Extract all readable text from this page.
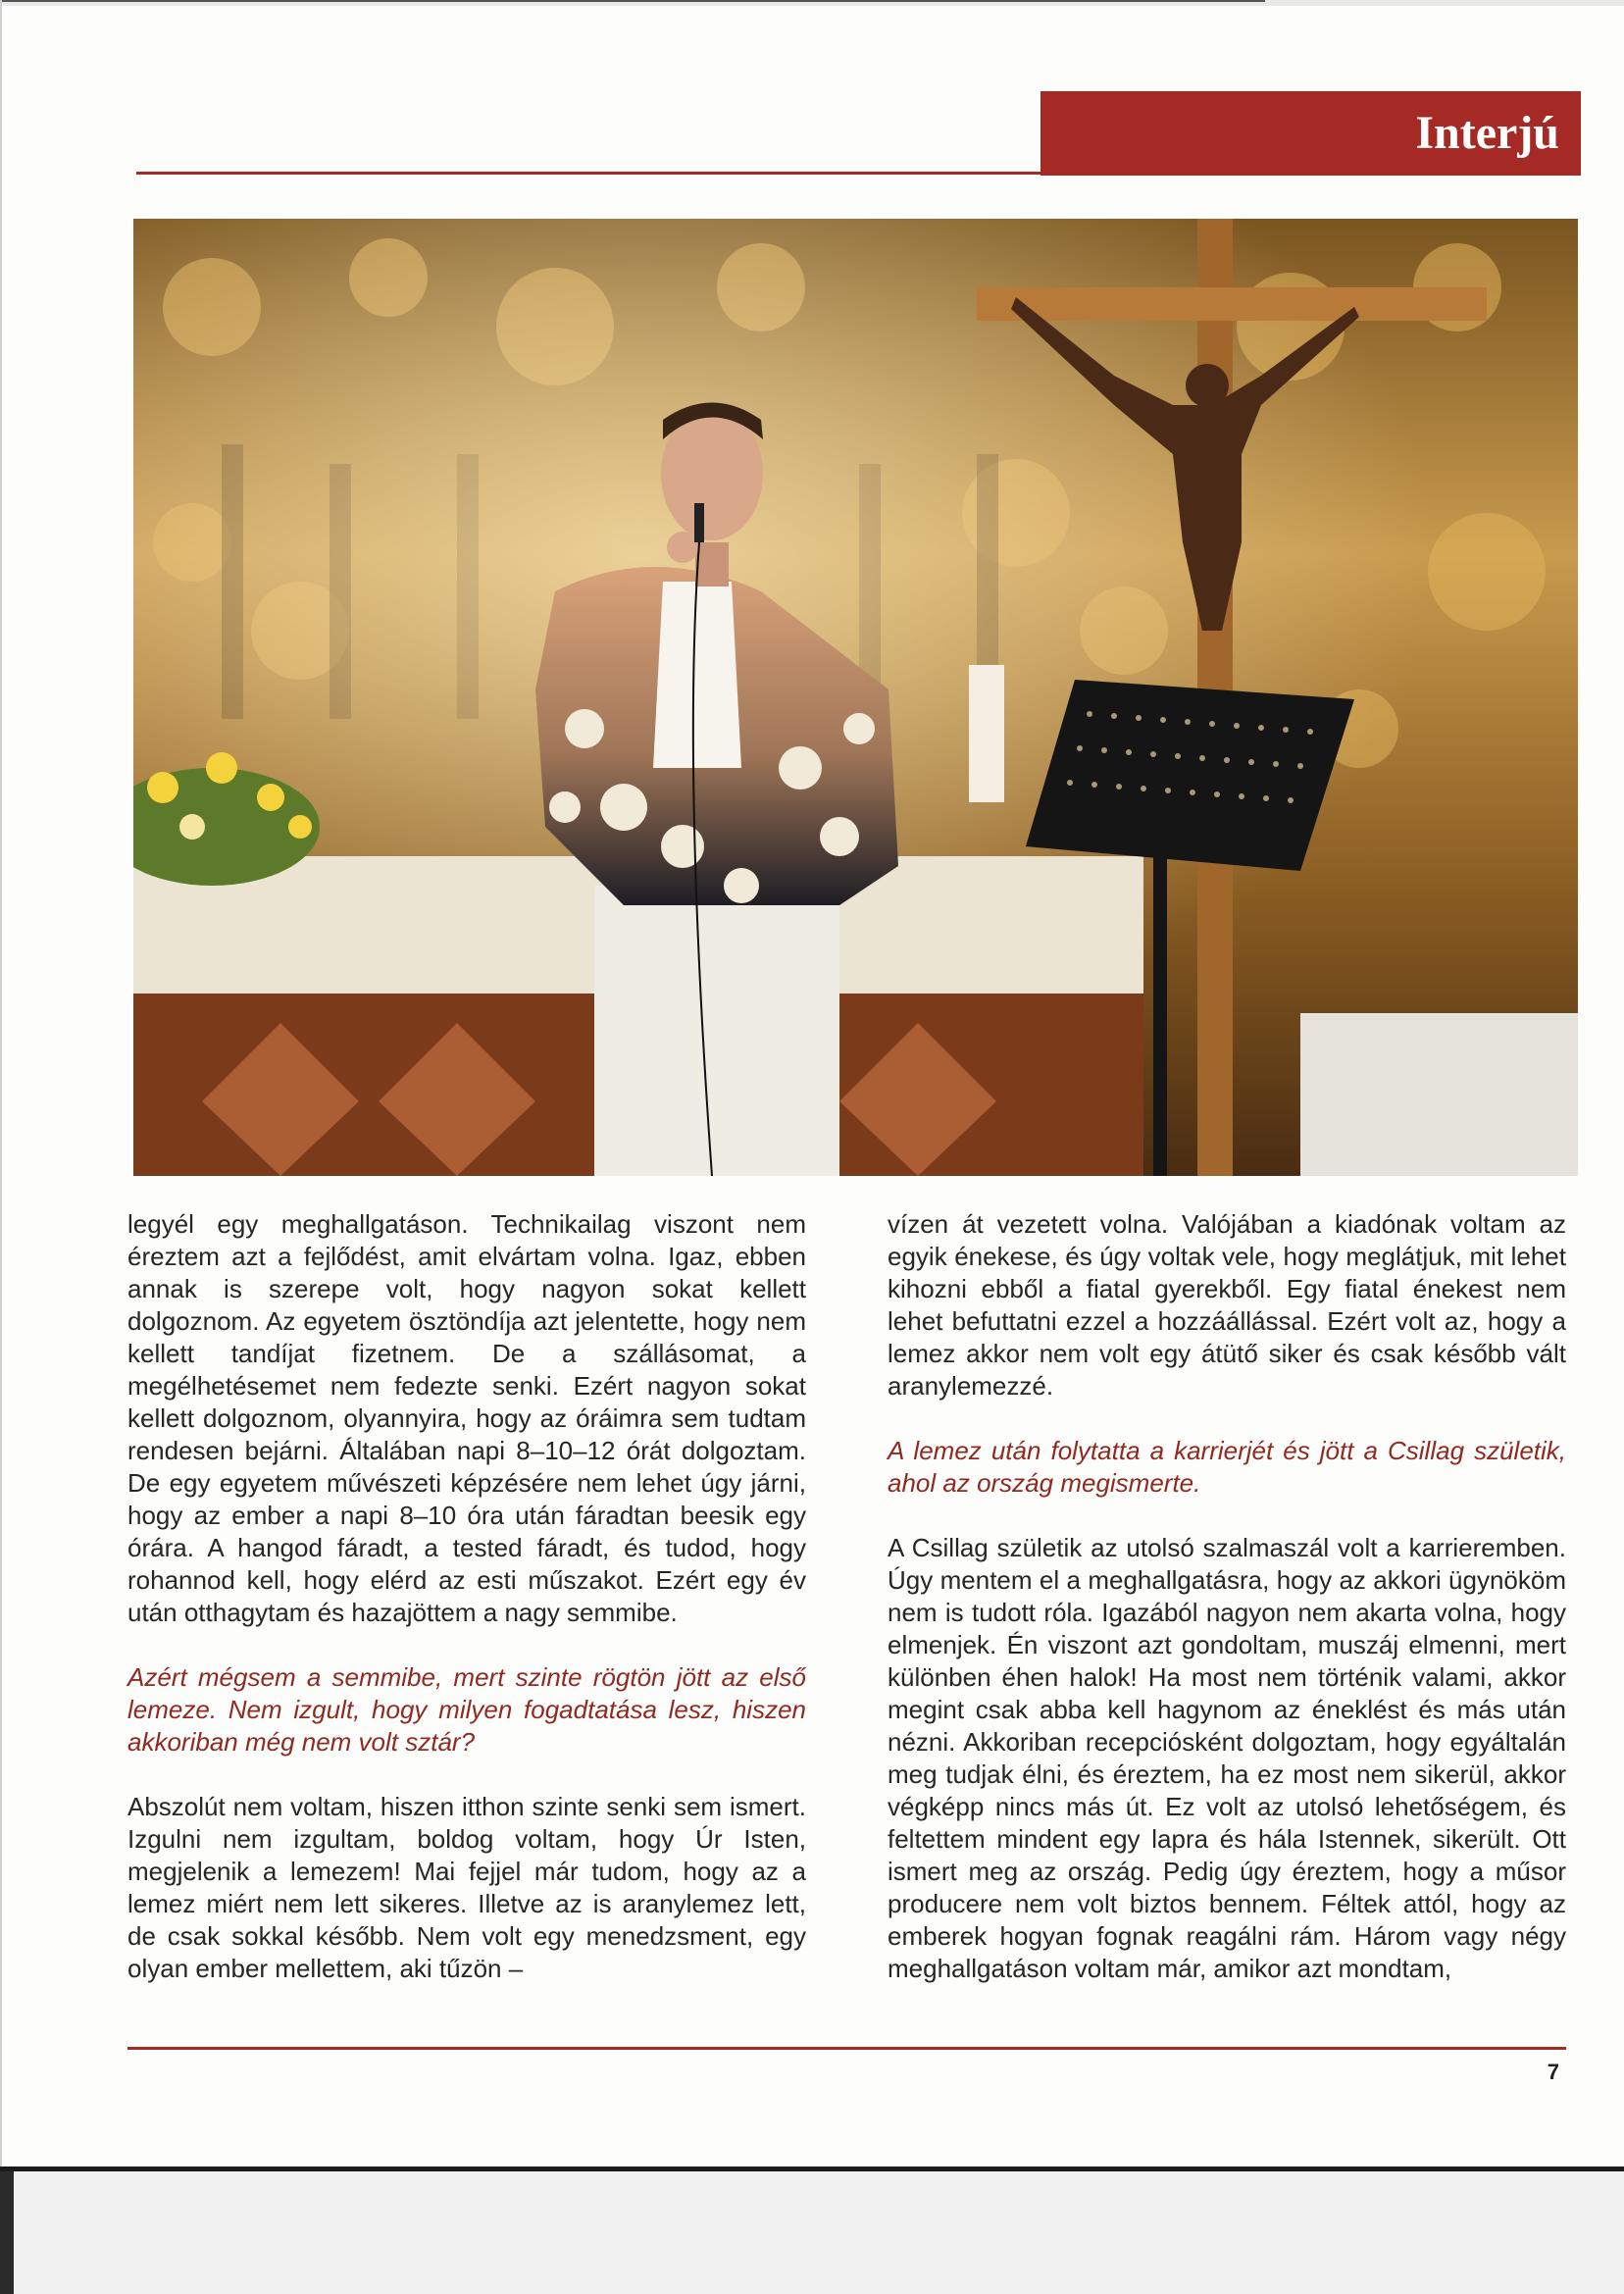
Interjú

legyél egy meghallgatáson. Technikailag viszont nem éreztem azt a fejlődést, amit elvártam volna. Igaz, ebben annak is szerepe volt, hogy nagyon sokat kellett dolgoznom. Az egyetem ösztöndíja azt jelentette, hogy nem kellett tandíjat fizetnem. De a szállásomat, a megélhetésemet nem fedezte senki. Ezért nagyon sokat kellett dolgoznom, olyannyira, hogy az óráimra sem tudtam rendesen bejárni. Általában napi 8–10–12 órát dolgoztam. De egy egyetem művészeti képzésére nem lehet úgy járni, hogy az ember a napi 8–10 óra után fáradtan beesik egy órára. A hangod fáradt, a tested fáradt, és tudod, hogy rohannod kell, hogy elérd az esti műszakot. Ezért egy év után otthagytam és hazajöttem a nagy semmibe.

Azért mégsem a semmibe, mert szinte rögtön jött az első lemeze. Nem izgult, hogy milyen fogadtatása lesz, hiszen akkoriban még nem volt sztár?

Abszolút nem voltam, hiszen itthon szinte senki sem ismert. Izgulni nem izgultam, boldog voltam, hogy Úr Isten, megjelenik a lemezem! Mai fejjel már tudom, hogy az a lemez miért nem lett sikeres. Illetve az is aranylemez lett, de csak sokkal később. Nem volt egy menedzsment, egy olyan ember mellettem, aki tűzön –

vízen át vezetett volna. Valójában a kiadónak voltam az egyik énekese, és úgy voltak vele, hogy meglátjuk, mit lehet kihozni ebből a fiatal gyerekből. Egy fiatal énekest nem lehet befuttatni ezzel a hozzáállással. Ezért volt az, hogy a lemez akkor nem volt egy átütő siker és csak később vált aranylemezzé.

A lemez után folytatta a karrierjét és jött a Csillag születik, ahol az ország megismerte.

A Csillag születik az utolsó szalmaszál volt a karrieremben. Úgy mentem el a meghallgatásra, hogy az akkori ügynököm nem is tudott róla. Igazából nagyon nem akarta volna, hogy elmenjek. Én viszont azt gondoltam, muszáj elmenni, mert különben éhen halok! Ha most nem történik valami, akkor megint csak abba kell hagynom az éneklést és más után nézni. Akkoriban recepciósként dolgoztam, hogy egyáltalán meg tudjak élni, és éreztem, ha ez most nem sikerül, akkor végképp nincs más út. Ez volt az utolsó lehetőségem, és feltettem mindent egy lapra és hála Istennek, sikerült. Ott ismert meg az ország. Pedig úgy éreztem, hogy a műsor producere nem volt biztos bennem. Féltek attól, hogy az emberek hogyan fognak reagálni rám. Három vagy négy meghallgatáson voltam már, amikor azt mondtam,

7
